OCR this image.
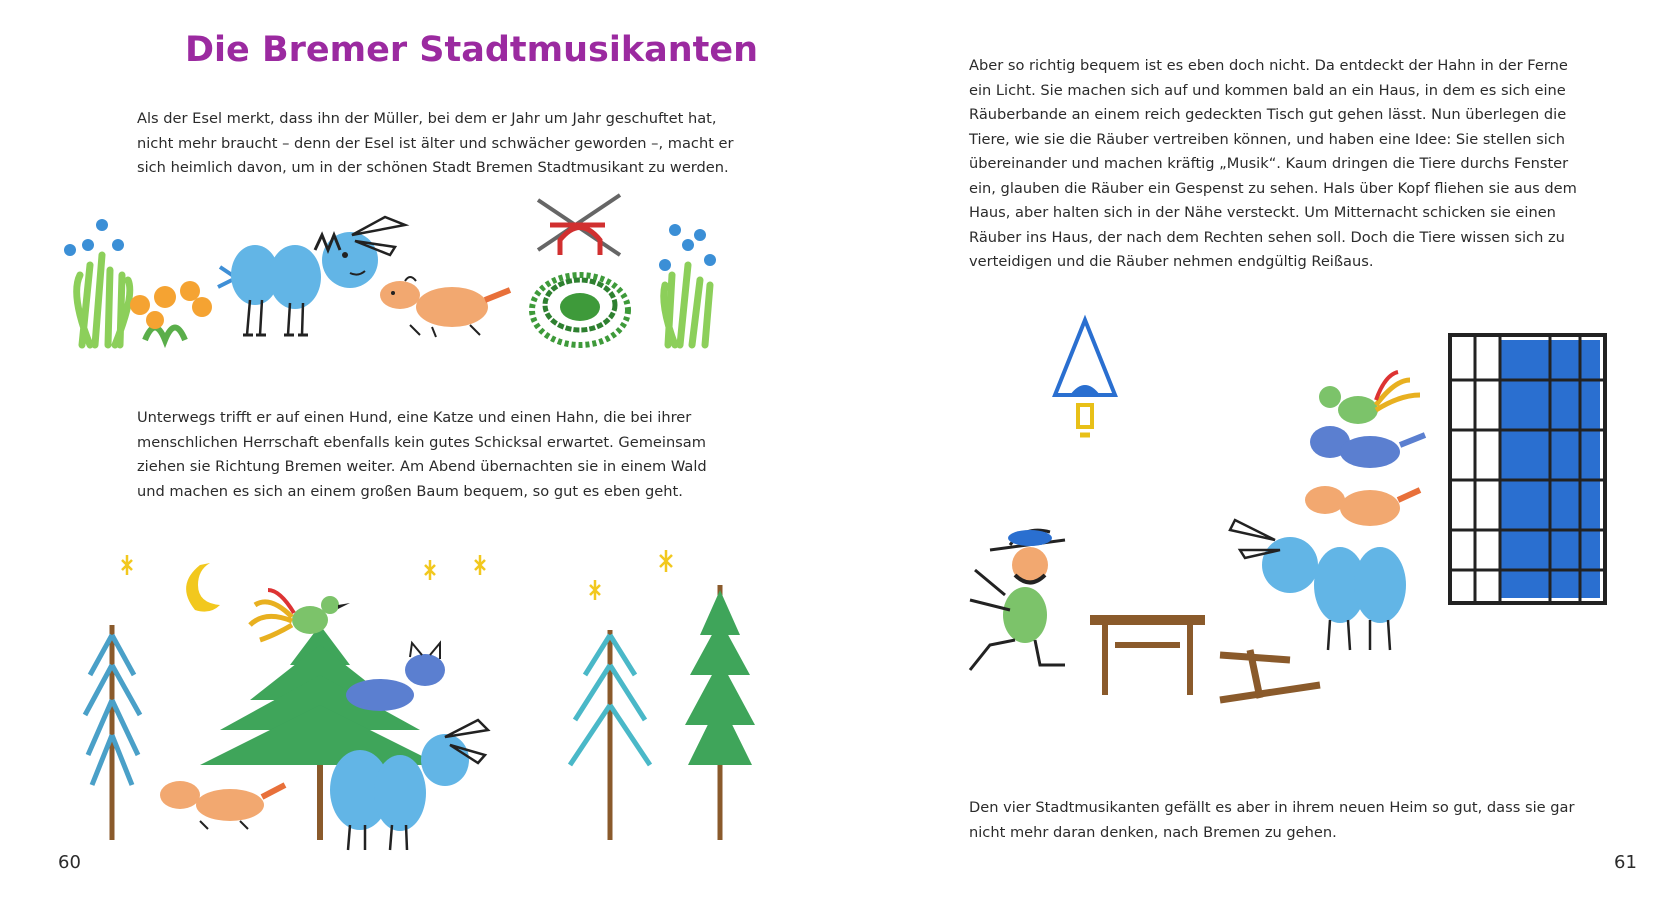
Die Bremer Stadtmusikanten

Als der Esel merkt, dass ihn der Müller, bei dem er Jahr um Jahr geschuftet hat, nicht mehr braucht – denn der Esel ist älter und schwächer geworden –, macht er sich heimlich davon, um in der schönen Stadt Bremen Stadtmusikant zu werden.

Unterwegs trifft er auf einen Hund, eine Katze und einen Hahn, die bei ihrer menschlichen Herrschaft ebenfalls kein gutes Schicksal erwartet. Gemeinsam ziehen sie Richtung Bremen weiter. Am Abend übernachten sie in einem Wald und machen es sich an einem großen Baum bequem, so gut es eben geht.

60

Aber so richtig bequem ist es eben doch nicht. Da entdeckt der Hahn in der Ferne ein Licht. Sie machen sich auf und kommen bald an ein Haus, in dem es sich eine Räuberbande an einem reich gedeckten Tisch gut gehen lässt. Nun überlegen die Tiere, wie sie die Räuber vertreiben können, und haben eine Idee: Sie stellen sich übereinander und machen kräftig „Musik“. Kaum dringen die Tiere durchs Fenster ein, glauben die Räuber ein Gespenst zu sehen. Hals über Kopf fliehen sie aus dem Haus, aber halten sich in der Nähe versteckt. Um Mitternacht schicken sie einen Räuber ins Haus, der nach dem Rechten sehen soll. Doch die Tiere wissen sich zu verteidigen und die Räuber nehmen endgültig Reißaus.

Den vier Stadtmusikanten gefällt es aber in ihrem neuen Heim so gut, dass sie gar nicht mehr daran denken, nach Bremen zu gehen.

61
